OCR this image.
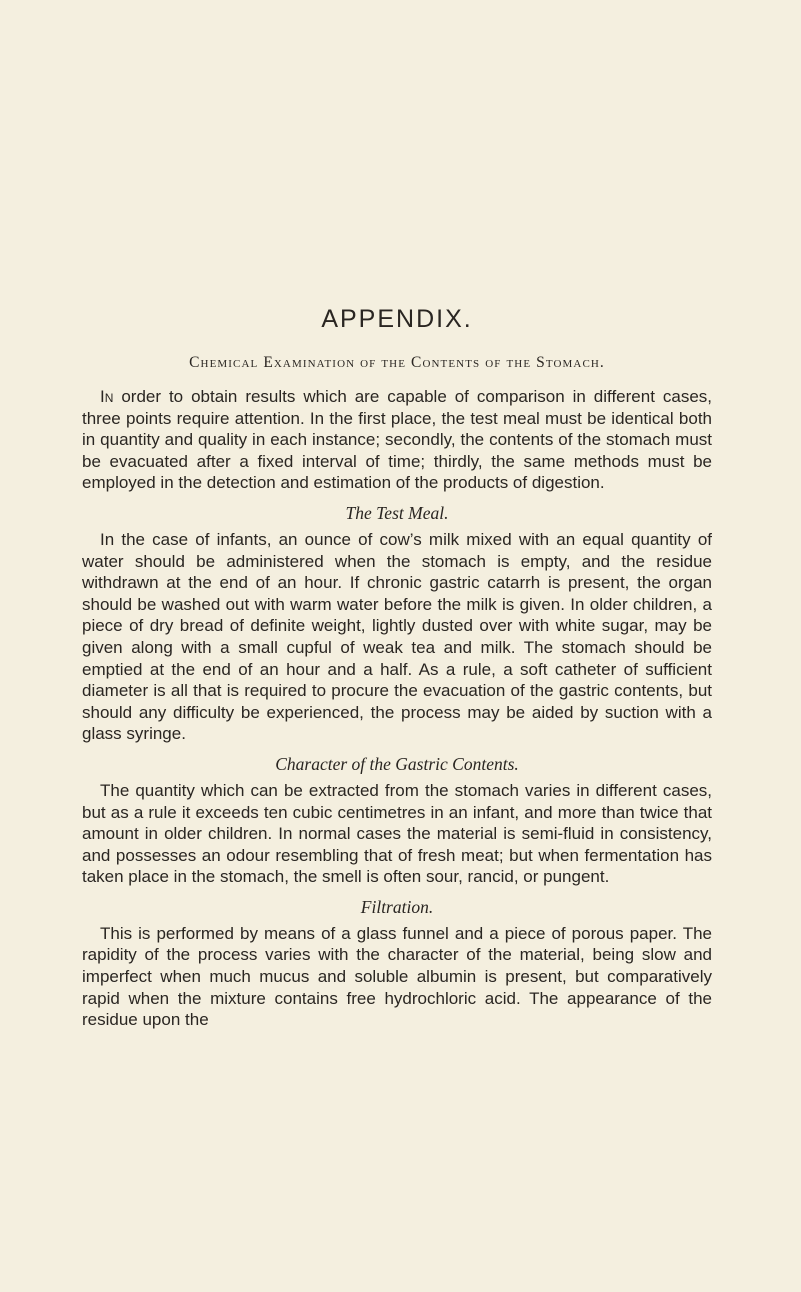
APPENDIX.
Chemical Examination of the Contents of the Stomach.

In order to obtain results which are capable of comparison in different cases, three points require attention. In the first place, the test meal must be identical both in quantity and quality in each instance; secondly, the contents of the stomach must be evacuated after a fixed interval of time; thirdly, the same methods must be employed in the detection and estimation of the products of digestion.

The Test Meal.

In the case of infants, an ounce of cow’s milk mixed with an equal quantity of water should be administered when the stomach is empty, and the residue withdrawn at the end of an hour. If chronic gastric catarrh is present, the organ should be washed out with warm water before the milk is given. In older children, a piece of dry bread of definite weight, lightly dusted over with white sugar, may be given along with a small cupful of weak tea and milk. The stomach should be emptied at the end of an hour and a half. As a rule, a soft catheter of sufficient diameter is all that is required to procure the evacuation of the gastric contents, but should any difficulty be experienced, the process may be aided by suction with a glass syringe.

Character of the Gastric Contents.

The quantity which can be extracted from the stomach varies in different cases, but as a rule it exceeds ten cubic centimetres in an infant, and more than twice that amount in older children. In normal cases the material is semi-fluid in consistency, and possesses an odour resembling that of fresh meat; but when fermentation has taken place in the stomach, the smell is often sour, rancid, or pungent.

Filtration.

This is performed by means of a glass funnel and a piece of porous paper. The rapidity of the process varies with the character of the material, being slow and imperfect when much mucus and soluble albumin is present, but comparatively rapid when the mixture contains free hydrochloric acid. The appearance of the residue upon the
